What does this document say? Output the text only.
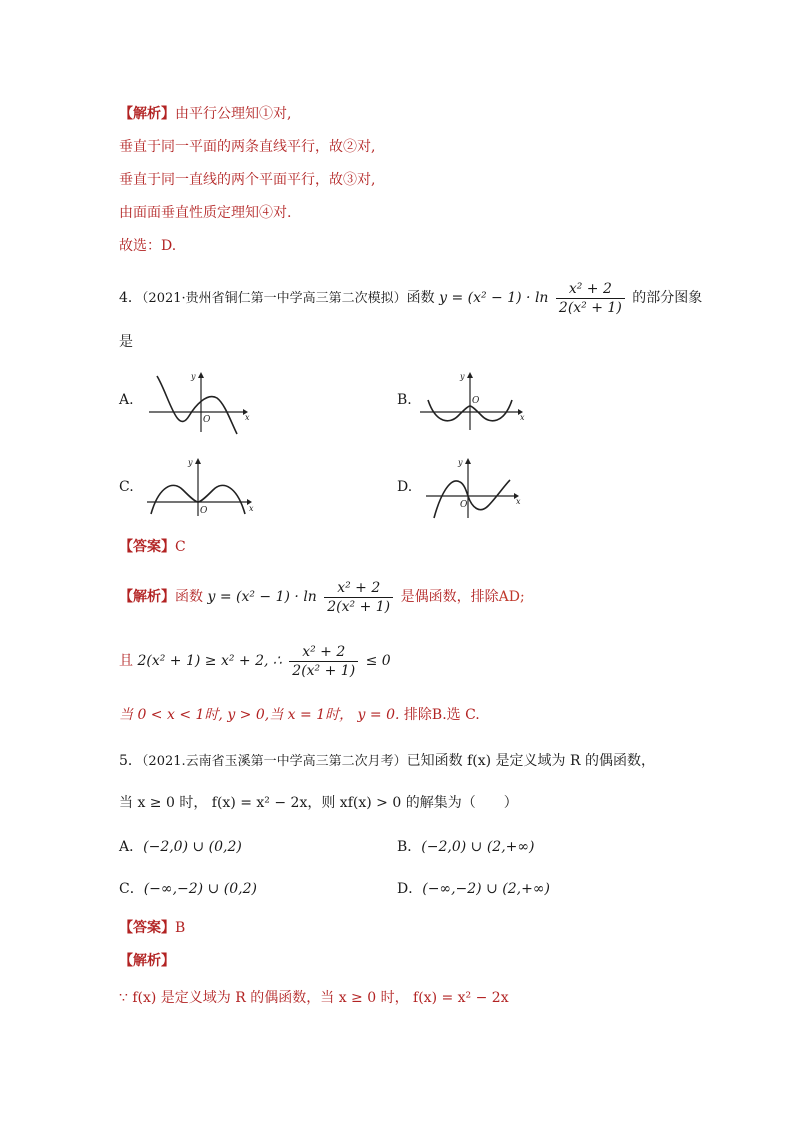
【解析】由平行公理知①对,
垂直于同一平面的两条直线平行，故②对,
垂直于同一直线的两个平面平行，故③对,
由面面垂直性质定理知④对.
故选：D.
4．（2021·贵州省铜仁第一中学高三第二次模拟）函数 $y = (x^2 - 1) \cdot \ln \frac{\text{x² + 2}}{\text{2(x² + 1)}}$ 的部分图象
是
A.
x
y
O
B.
x
y
O
C.
x
y
O
D.
x
y
O
【答案】C
【解析】函数 $y = (x^2 - 1) \cdot \ln \frac{\text{x² + 2}}{\text{2(x² + 1)}}$ 是偶函数，排除AD;
且 2(x² + 1) ≥ x² + 2, ∴ $\frac{\text{x² + 2}}{\text{2(x² + 1)}} \le 0$
当 0 < x < 1时, y > 0,当 x = 1时， y = 0. 排除B.选 C.
5．（2021.云南省玉溪第一中学高三第二次月考）已知函数 f(x) 是定义域为 R 的偶函数，
当 x ≥ 0 时， f(x) = x² − 2x，则 xf(x) > 0 的解集为（　　）
A．(−2,0) ∪ (0,2)	B．(−2,0) ∪ (2,+∞)
C．(−∞,−2) ∪ (0,2)	D．(−∞,−2) ∪ (2,+∞)
【答案】B
【解析】
∵ f(x) 是定义域为 R 的偶函数，当 x ≥ 0 时， f(x) = x² − 2x
